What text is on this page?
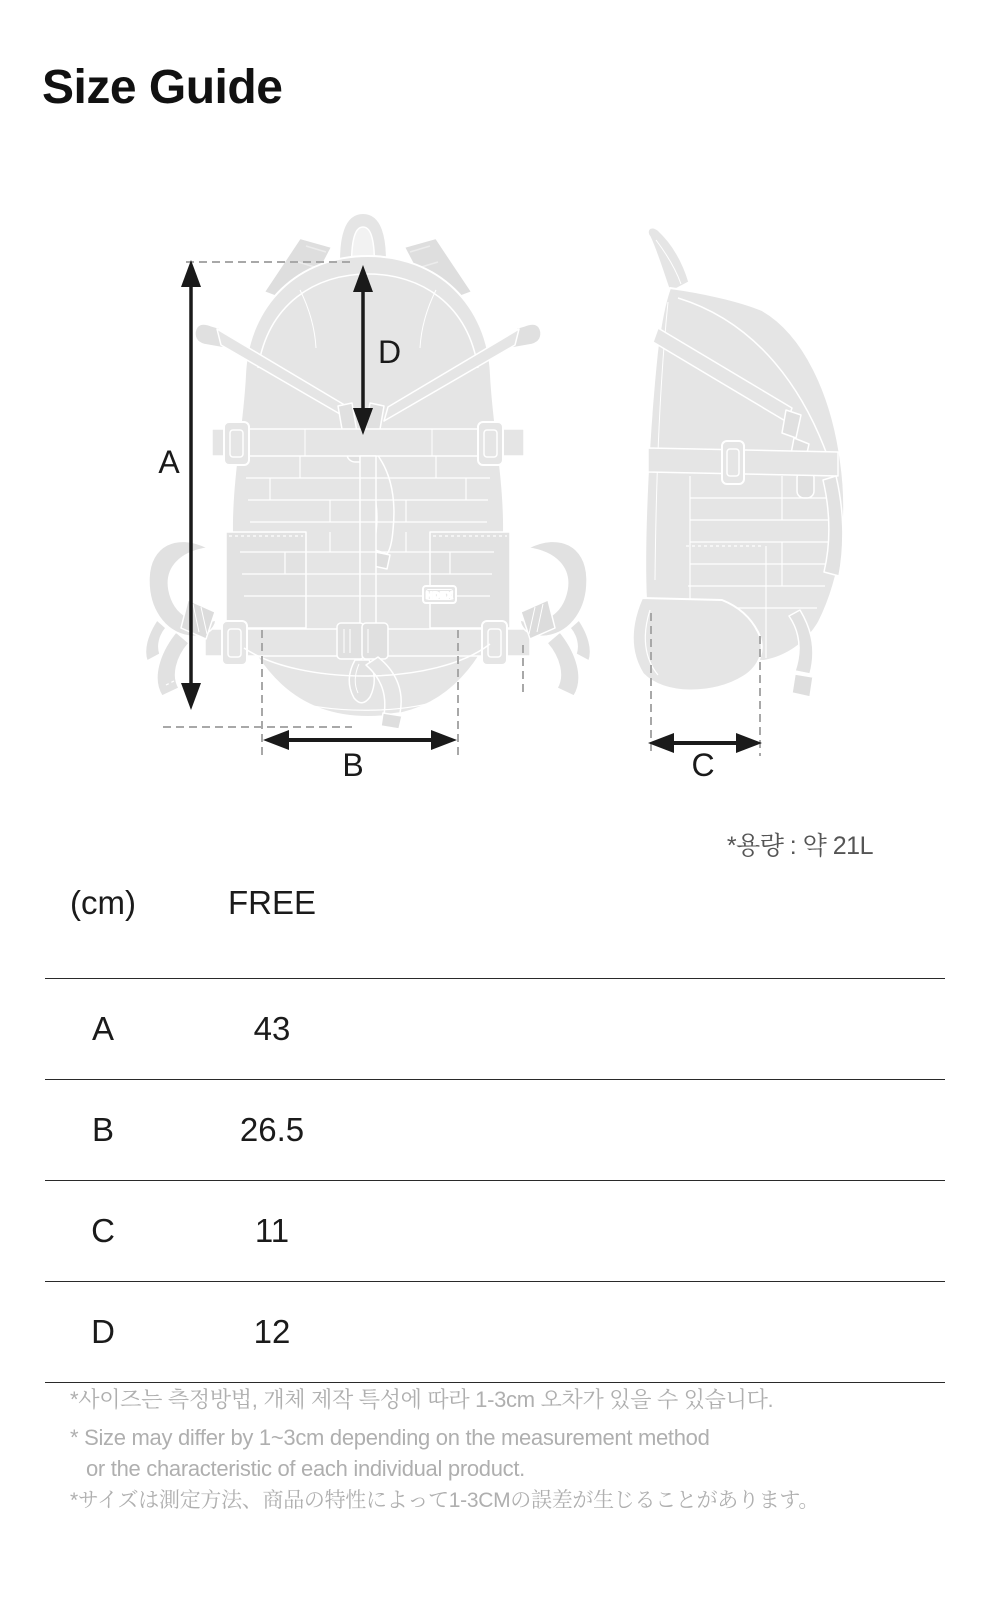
Size Guide
HDEX
A
D
B	C
*용량 : 약 21L
(cm)	FREE
A	43
B	26.5
C	11
D	12

*사이즈는 측정방법, 개체 제작 특성에 따라 1-3cm 오차가 있을 수 있습니다.

* Size may differ by 1~3cm depending on the measurement method

or the characteristic of each individual product.

*サイズは測定方法、商品の特性によって1-3CMの誤差が生じることがあります。
